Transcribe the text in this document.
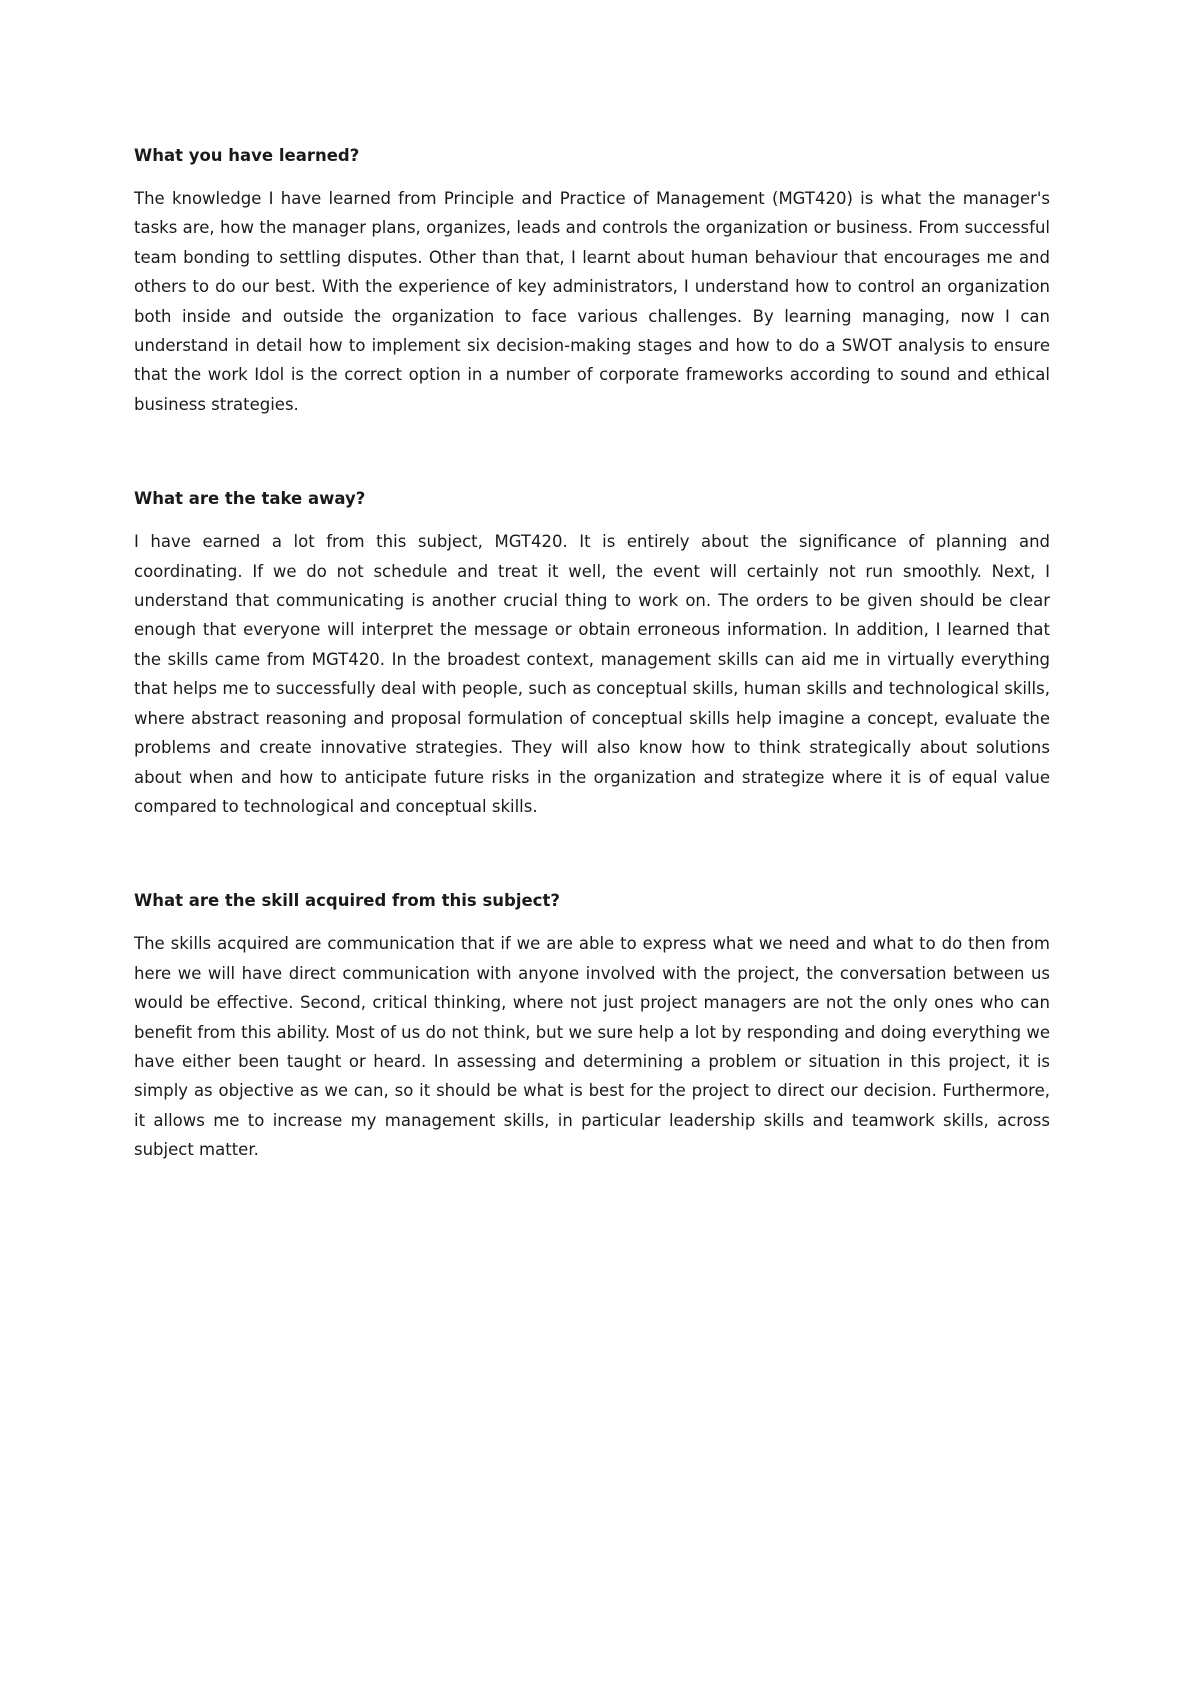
What you have learned?

The knowledge I have learned from Principle and Practice of Management (MGT420) is what the manager's tasks are, how the manager plans, organizes, leads and controls the organization or business. From successful team bonding to settling disputes. Other than that, I learnt about human behaviour that encourages me and others to do our best. With the experience of key administrators, I understand how to control an organization both inside and outside the organization to face various challenges. By learning managing, now I can understand in detail how to implement six decision-making stages and how to do a SWOT analysis to ensure that the work Idol is the correct option in a number of corporate frameworks according to sound and ethical business strategies.

What are the take away?

I have earned a lot from this subject, MGT420. It is entirely about the significance of planning and coordinating. If we do not schedule and treat it well, the event will certainly not run smoothly. Next, I understand that communicating is another crucial thing to work on. The orders to be given should be clear enough that everyone will interpret the message or obtain erroneous information. In addition, I learned that the skills came from MGT420. In the broadest context, management skills can aid me in virtually everything that helps me to successfully deal with people, such as conceptual skills, human skills and technological skills, where abstract reasoning and proposal formulation of conceptual skills help imagine a concept, evaluate the problems and create innovative strategies. They will also know how to think strategically about solutions about when and how to anticipate future risks in the organization and strategize where it is of equal value compared to technological and conceptual skills.

What are the skill acquired from this subject?

The skills acquired are communication that if we are able to express what we need and what to do then from here we will have direct communication with anyone involved with the project, the conversation between us would be effective. Second, critical thinking, where not just project managers are not the only ones who can benefit from this ability. Most of us do not think, but we sure help a lot by responding and doing everything we have either been taught or heard. In assessing and determining a problem or situation in this project, it is simply as objective as we can, so it should be what is best for the project to direct our decision. Furthermore, it allows me to increase my management skills, in particular leadership skills and teamwork skills, across subject matter.
